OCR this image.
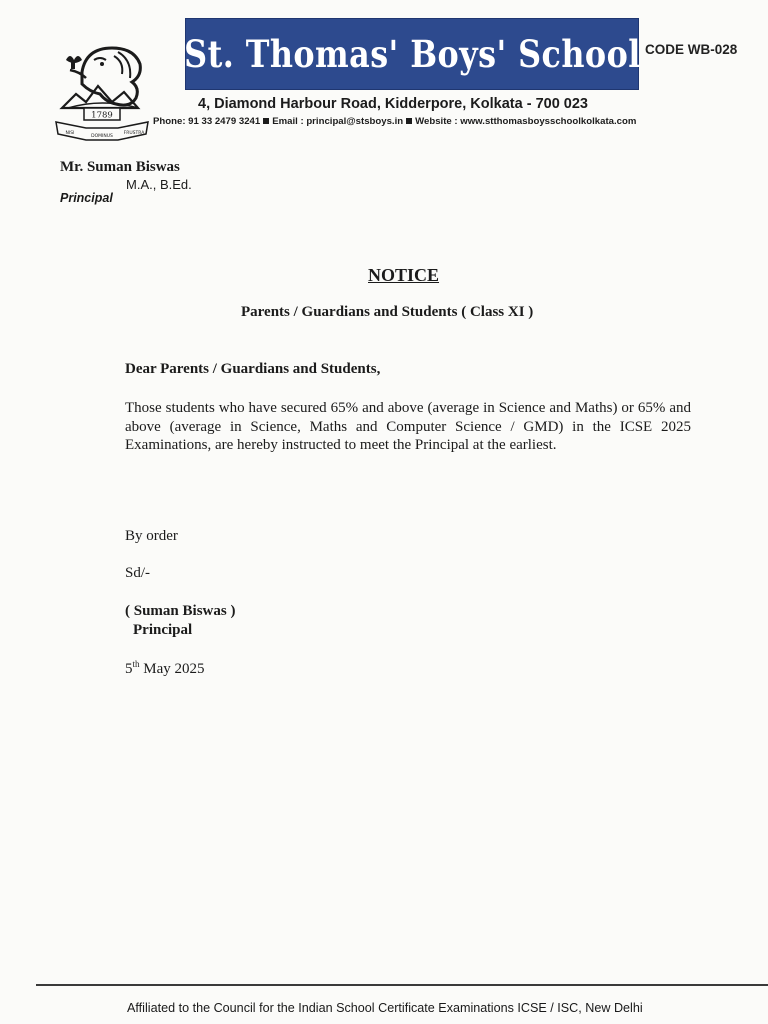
1789
NISI
DOMINUS
FRUSTRA
St. Thomas' Boys' School CODE WB-028
4, Diamond Harbour Road, Kidderpore, Kolkata - 700 023
Phone: 91 33 2479 3241 Email : principal@stsboys.in Website : www.stthomasboysschoolkolkata.com
Mr. Suman Biswas
M.A., B.Ed.
Principal
NOTICE
Parents / Guardians and Students ( Class XI )
Dear Parents / Guardians and Students,
Those students who have secured 65% and above (average in Science and Maths) or 65% and above (average in Science, Maths and Computer Science / GMD) in the ICSE 2025 Examinations, are hereby instructed to meet the Principal at the earliest.
By order
Sd/-
( Suman Biswas )
Principal
5th May 2025
Affiliated to the Council for the Indian School Certificate Examinations ICSE / ISC, New Delhi
